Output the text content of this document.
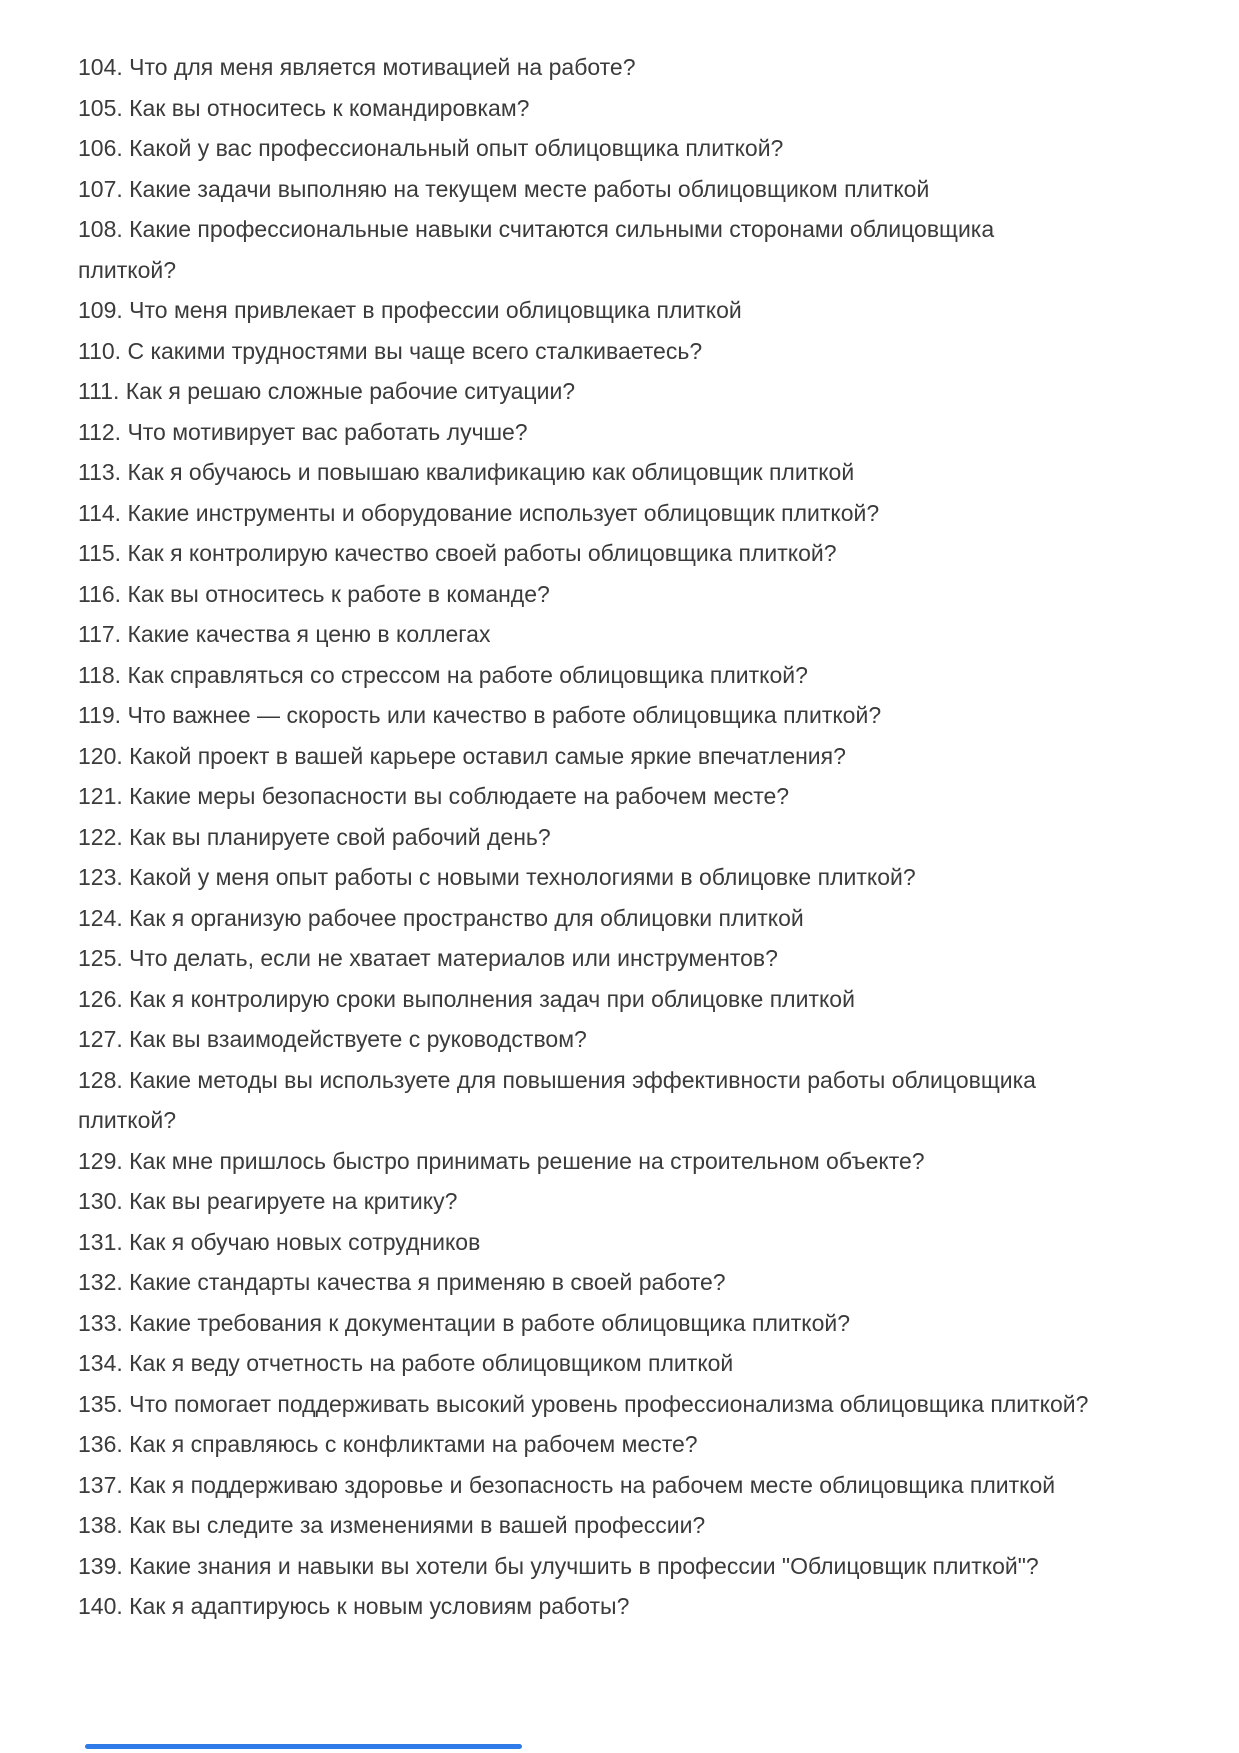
104. Что для меня является мотивацией на работе?

105. Как вы относитесь к командировкам?

106. Какой у вас профессиональный опыт облицовщика плиткой?

107. Какие задачи выполняю на текущем месте работы облицовщиком плиткой

108. Какие профессиональные навыки считаются сильными сторонами облицовщика плиткой?

109. Что меня привлекает в профессии облицовщика плиткой

110. С какими трудностями вы чаще всего сталкиваетесь?

111. Как я решаю сложные рабочие ситуации?

112. Что мотивирует вас работать лучше?

113. Как я обучаюсь и повышаю квалификацию как облицовщик плиткой

114. Какие инструменты и оборудование использует облицовщик плиткой?

115. Как я контролирую качество своей работы облицовщика плиткой?

116. Как вы относитесь к работе в команде?

117. Какие качества я ценю в коллегах

118. Как справляться со стрессом на работе облицовщика плиткой?

119. Что важнее — скорость или качество в работе облицовщика плиткой?

120. Какой проект в вашей карьере оставил самые яркие впечатления?

121. Какие меры безопасности вы соблюдаете на рабочем месте?

122. Как вы планируете свой рабочий день?

123. Какой у меня опыт работы с новыми технологиями в облицовке плиткой?

124. Как я организую рабочее пространство для облицовки плиткой

125. Что делать, если не хватает материалов или инструментов?

126. Как я контролирую сроки выполнения задач при облицовке плиткой

127. Как вы взаимодействуете с руководством?

128. Какие методы вы используете для повышения эффективности работы облицовщика плиткой?

129. Как мне пришлось быстро принимать решение на строительном объекте?

130. Как вы реагируете на критику?

131. Как я обучаю новых сотрудников

132. Какие стандарты качества я применяю в своей работе?

133. Какие требования к документации в работе облицовщика плиткой?

134. Как я веду отчетность на работе облицовщиком плиткой

135. Что помогает поддерживать высокий уровень профессионализма облицовщика плиткой?

136. Как я справляюсь с конфликтами на рабочем месте?

137. Как я поддерживаю здоровье и безопасность на рабочем месте облицовщика плиткой

138. Как вы следите за изменениями в вашей профессии?

139. Какие знания и навыки вы хотели бы улучшить в профессии "Облицовщик плиткой"?

140. Как я адаптируюсь к новым условиям работы?
